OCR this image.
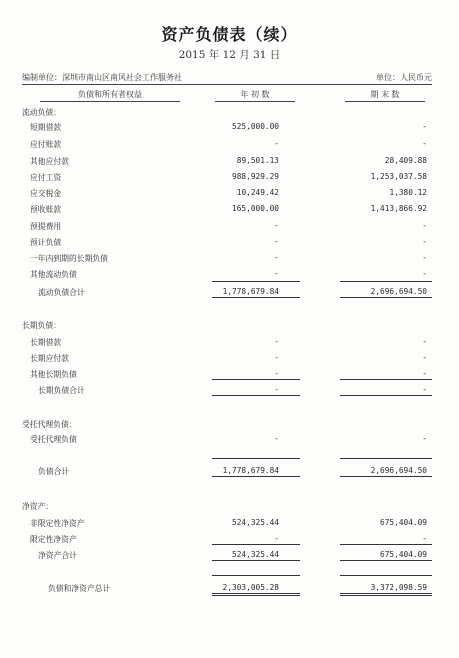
资产负债表（续）
2015 年 12 月 31 日
编制单位：深圳市南山区南风社会工作服务社	单位：人民币元
负债和所有者权益	年 初 数	期 末 数
流动负债：
短期借款	525,000.00	-
应付账款	-	-
其他应付款	89,501.13	28,409.88
应付工资	988,929.29	1,253,037.58
应交税金	10,249.42	1,380.12
预收账款	165,000.00	1,413,866.92
预提费用	-	-
预计负债	-	-
一年内到期的长期负债	-	-
其他流动负债	-	-
流动负债合计	1,778,679.84	2,696,694.50
长期负债：
长期借款	-	-
长期应付款	-	-
其他长期负债	-	-
长期负债合计	-	-
受托代理负债：
受托代理负债	-	-
负债合计	1,778,679.84	2,696,694.50
净资产：
非限定性净资产	524,325.44	675,404.09
限定性净资产	-	-
净资产合计	524,325.44	675,404.09
负债和净资产总计	2,303,005.28	3,372,098.59
